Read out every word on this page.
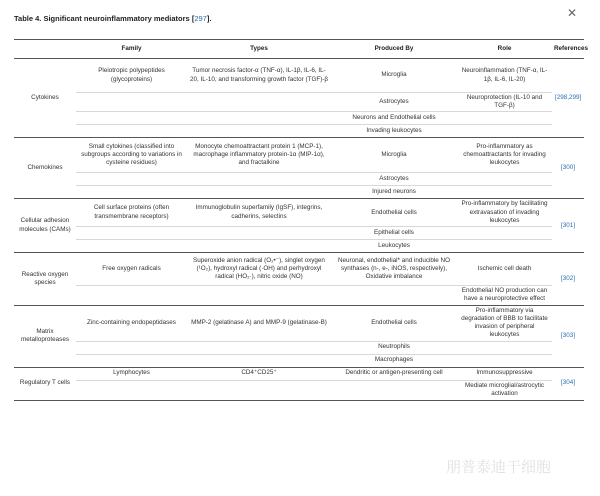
Table 4. Significant neuroinflammatory mediators [297].	✕
	Family	Types	Produced By	Role	References
Cytokines	Pleiotropic polypeptides (glycoproteins)	Tumor necrosis factor-α (TNF-α), IL-1β, IL-6, IL-20, IL-10, and transforming growth factor (TGF)-β	Microglia	Neuroinflammation (TNF-α, IL-1β, IL-6, IL-20)	[298,299]
			Astrocytes	Neuroprotection (IL-10 and TGF-β)	
			Neurons and Endothelial cells		
			Invading leukocytes		
Chemokines	Small cytokines (classified into subgroups according to variations in cysteine residues)	Monocyte chemoattractant protein 1 (MCP-1), macrophage inflammatory protein-1α (MIP-1α), and fractalkine	Microglia	Pro-inflammatory as chemoattractants for invading leukocytes	[300]
			Astrocytes		
			Injured neurons		
Cellular adhesion molecules (CAMs)	Cell surface proteins (often transmembrane receptors)	Immunoglobulin superfamily (IgSF), integrins, cadherins, selectins	Endothelial cells	Pro-inflammatory by facilitating extravasation of invading leukocytes	[301]
			Epithelial cells		
			Leukocytes		
Reactive oxygen species	Free oxygen radicals	Superoxide anion radical (O₂•⁻), singlet oxygen (¹O₂), hydroxyl radical (·OH) and perhydroxyl radical (HO₂·), nitric oxide (NO)	Neuronal, endothelial* and inducible NO synthases (n-, e-, iNOS, respectively), Oxidative imbalance	Ischemic cell death	[302]
				Endothelial NO production can have a neuroprotective effect	
Matrix metalloproteases	Zinc-containing endopeptidases	MMP-2 (gelatinase A) and MMP-9 (gelatinase-B)	Endothelial cells	Pro-inflammatory via degradation of BBB to facilitate invasion of peripheral leukocytes	[303]
			Neutrophils		
			Macrophages		
Regulatory T cells	Lymphocytes	CD4⁺CD25⁺	Dendritic or antigen-presenting cell	Immunosuppressive	[304]
				Mediate microglial/astrocytic activation	
朋普泰迪干细胞
